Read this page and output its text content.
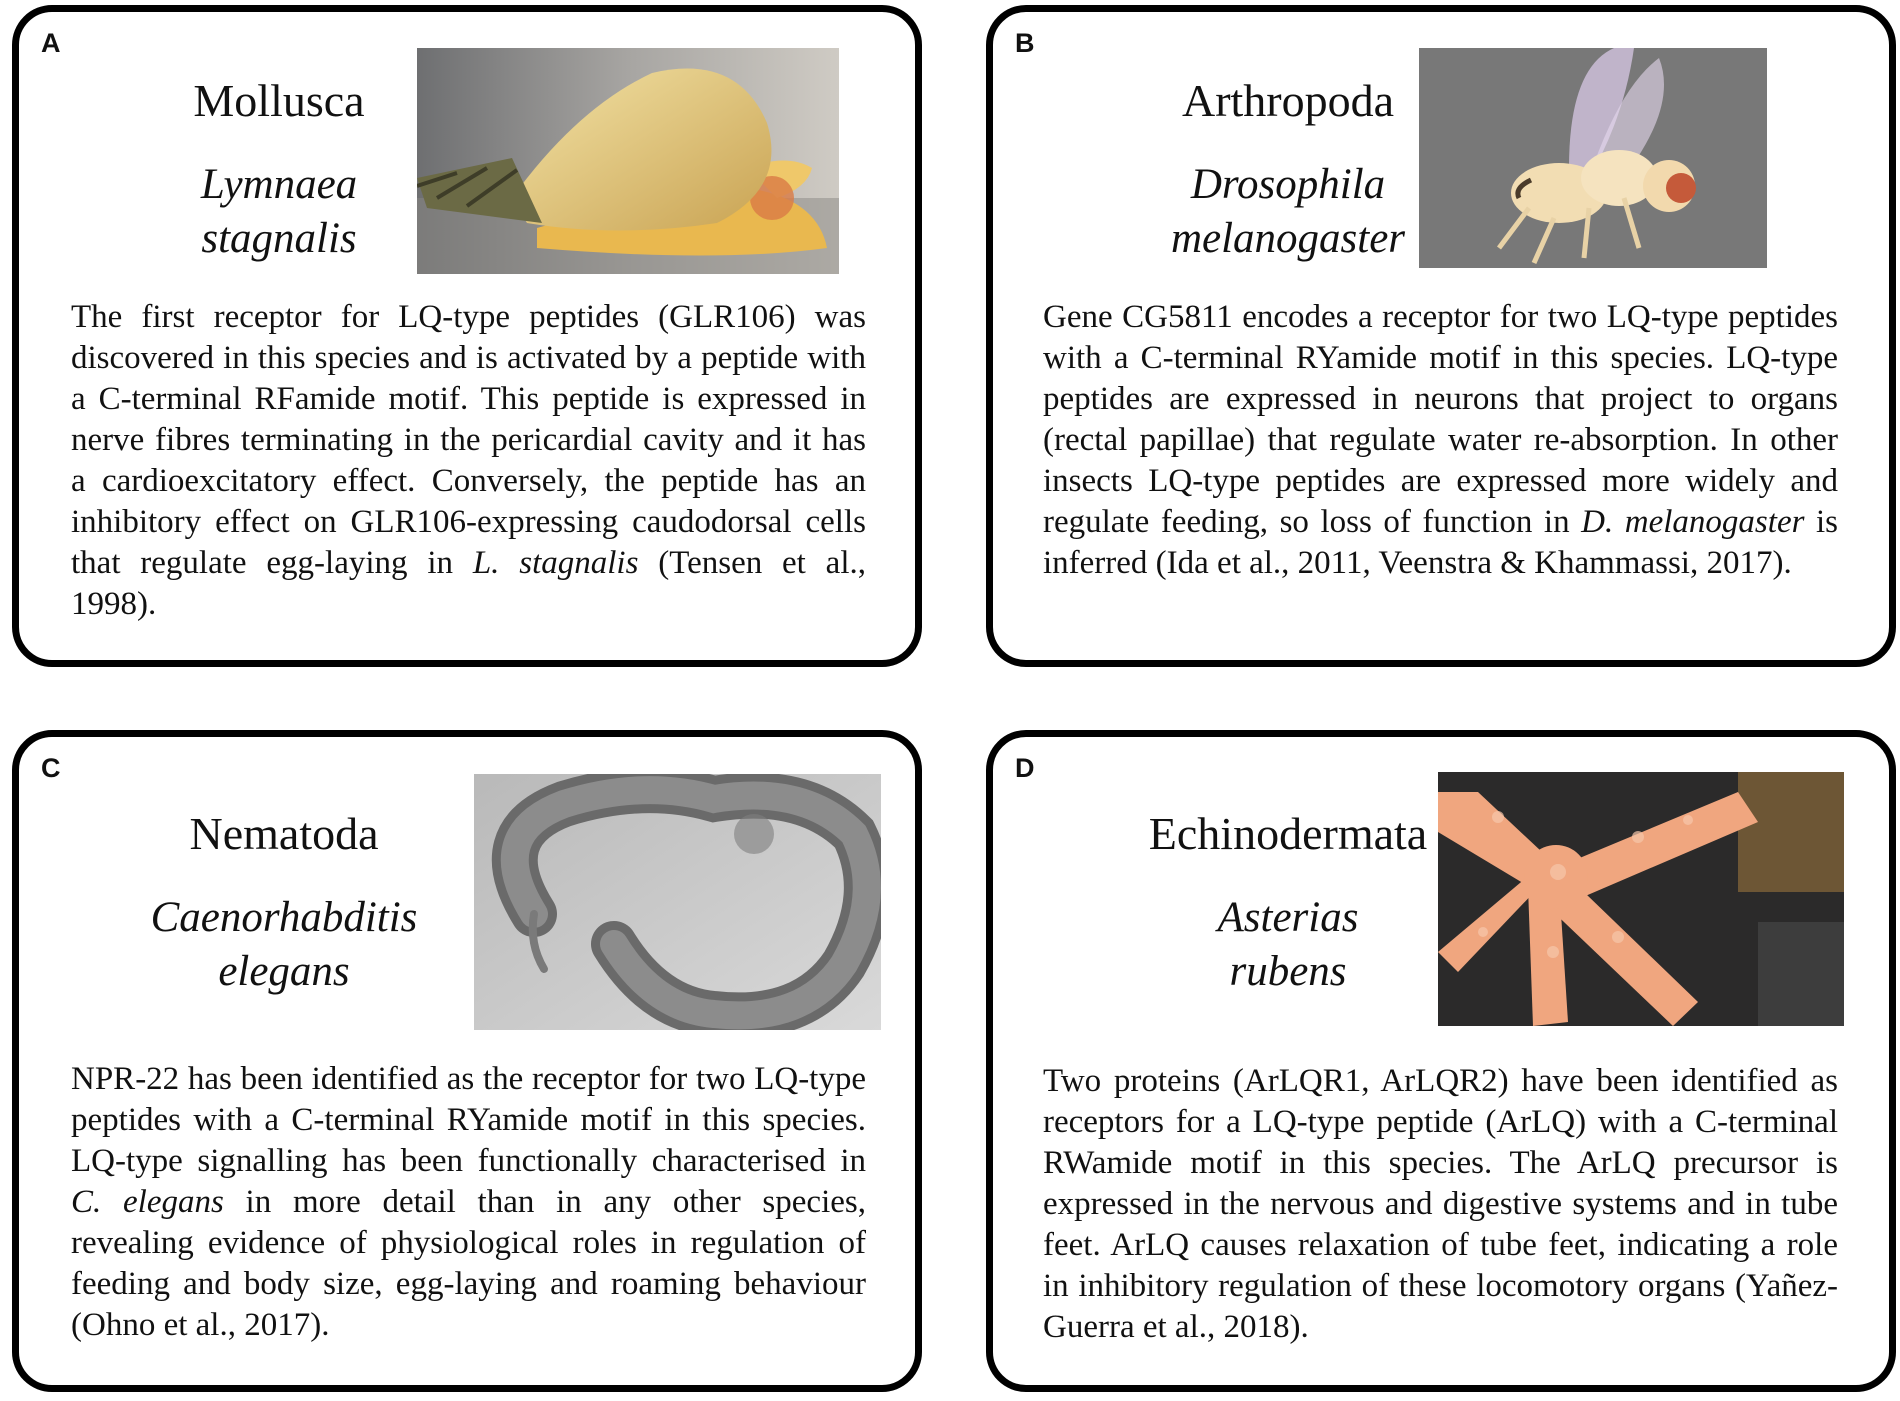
A
Mollusca
Lymnaea
stagnalis

The first receptor for LQ-type peptides (GLR106) was discovered in this species and is activated by a peptide with a C-terminal RFamide motif. This peptide is expressed in nerve fibres terminating in the pericardial cavity and it has a cardioexcitatory effect. Conversely, the peptide has an inhibitory effect on GLR106-expressing caudodorsal cells that regulate egg-laying in L. stagnalis (Tensen et al., 1998).

B
Arthropoda
Drosophila
melanogaster

Gene CG5811 encodes a receptor for two LQ-type peptides with a C-terminal RYamide motif in this species. LQ-type peptides are expressed in neurons that project to organs (rectal papillae) that regulate water re-absorption. In other insects LQ-type peptides are expressed more widely and regulate feeding, so loss of function in D. melanogaster is inferred (Ida et al., 2011, Veenstra & Khammassi, 2017).

C
Nematoda
Caenorhabditis
elegans

NPR-22 has been identified as the receptor for two LQ-type peptides with a C-terminal RYamide motif in this species. LQ-type signalling has been functionally characterised in C. elegans in more detail than in any other species, revealing evidence of physiological roles in regulation of feeding and body size, egg-laying and roaming behaviour (Ohno et al., 2017).

D
Echinodermata
Asterias
rubens

Two proteins (ArLQR1, ArLQR2) have been identified as receptors for a LQ-type peptide (ArLQ) with a C-terminal RWamide motif in this species. The ArLQ precursor is expressed in the nervous and digestive systems and in tube feet. ArLQ causes relaxation of tube feet, indicating a role in inhibitory regulation of these locomotory organs (Yañez-Guerra et al., 2018).
